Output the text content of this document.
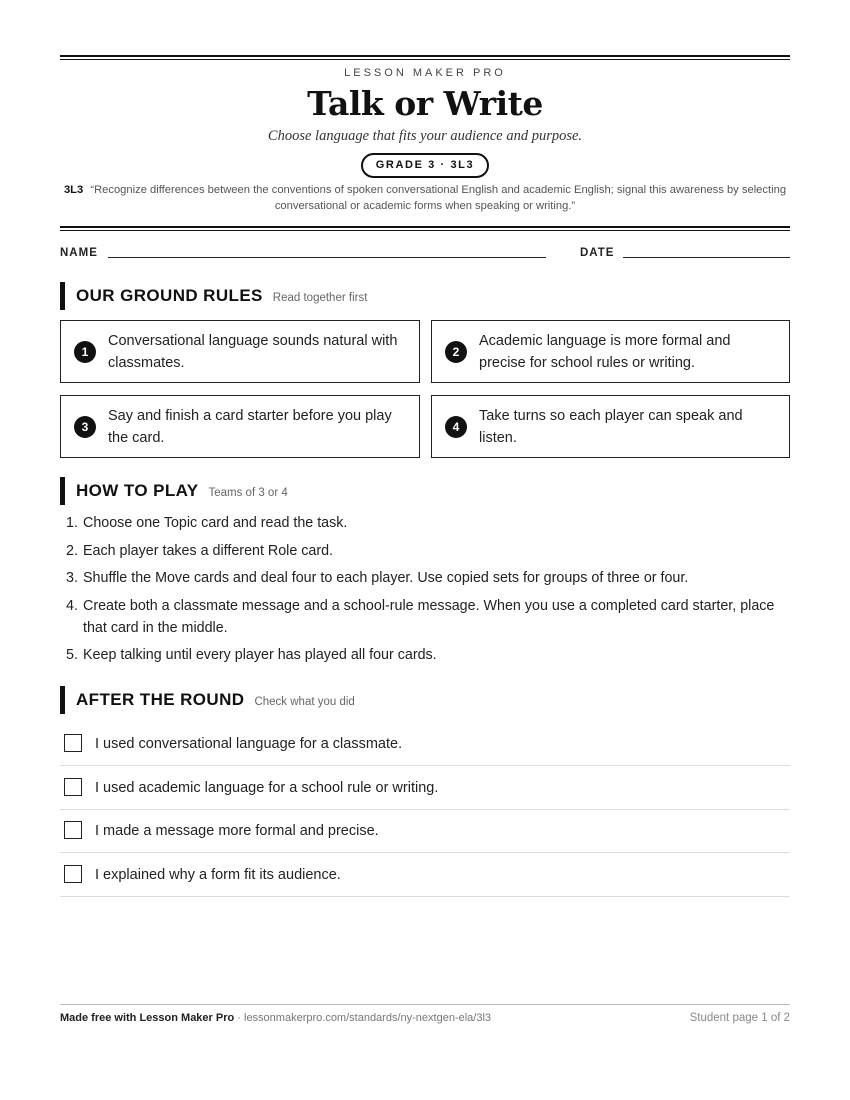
LESSON MAKER PRO
Talk or Write
Choose language that fits your audience and purpose.
GRADE 3 · 3L3
3L3 “Recognize differences between the conventions of spoken conversational English and academic English; signal this awareness by selecting conversational or academic forms when speaking or writing.”
NAME	DATE
OUR GROUND RULES Read together first
1
Conversational language sounds natural with classmates.
2
Academic language is more formal and precise for school rules or writing.
3
Say and finish a card starter before you play the card.
4
Take turns so each player can speak and listen.
HOW TO PLAY Teams of 3 or 4
1. Choose one Topic card and read the task.
2. Each player takes a different Role card.
3. Shuffle the Move cards and deal four to each player. Use copied sets for groups of three or four.
4. Create both a classmate message and a school-rule message. When you use a completed card starter, place that card in the middle.
5. Keep talking until every player has played all four cards.
AFTER THE ROUND Check what you did
I used conversational language for a classmate.
I used academic language for a school rule or writing.
I made a message more formal and precise.
I explained why a form fit its audience.
Made free with Lesson Maker Pro · lessonmakerpro.com/standards/ny-nextgen-ela/3l3	Student page 1 of 2
